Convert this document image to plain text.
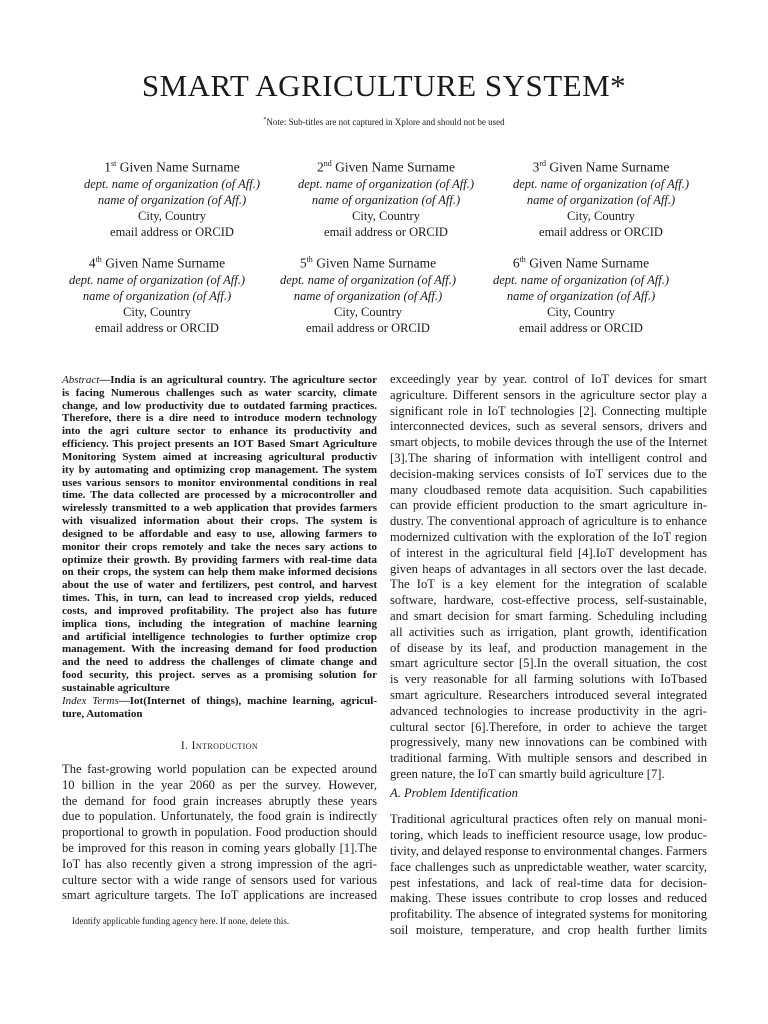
SMART AGRICULTURE SYSTEM*
*Note: Sub-titles are not captured in Xplore and should not be used
1st Given Name Surname
dept. name of organization (of Aff.)
name of organization (of Aff.)
City, Country
email address or ORCID
2nd Given Name Surname
dept. name of organization (of Aff.)
name of organization (of Aff.)
City, Country
email address or ORCID
3rd Given Name Surname
dept. name of organization (of Aff.)
name of organization (of Aff.)
City, Country
email address or ORCID
4th Given Name Surname
dept. name of organization (of Aff.)
name of organization (of Aff.)
City, Country
email address or ORCID
5th Given Name Surname
dept. name of organization (of Aff.)
name of organization (of Aff.)
City, Country
email address or ORCID
6th Given Name Surname
dept. name of organization (of Aff.)
name of organization (of Aff.)
City, Country
email address or ORCID
Abstract—India is an agricultural country. The agriculture sector
is facing Numerous challenges such as water scarcity, climate
change, and low productivity due to outdated farming practices.
Therefore, there is a dire need to introduce modern technology
into the agri culture sector to enhance its productivity and
efficiency. This project presents an IOT Based Smart Agriculture
Monitoring System aimed at increasing agricultural productiv
ity by automating and optimizing crop management. The system
uses various sensors to monitor environmental conditions in real
time. The data collected are processed by a microcontroller and
wirelessly transmitted to a web application that provides farmers
with visualized information about their crops. The system is
designed to be affordable and easy to use, allowing farmers to
monitor their crops remotely and take the neces sary actions to
optimize their growth. By providing farmers with real-time data
on their crops, the system can help them make informed decisions
about the use of water and fertilizers, pest control, and harvest
times. This, in turn, can lead to increased crop yields, reduced
costs, and improved profitability. The project also has future
implica tions, including the integration of machine learning
and artificial intelligence technologies to further optimize crop
management. With the increasing demand for food production
and the need to address the challenges of climate change and
food security, this project. serves as a promising solution for
sustainable agriculture
Index Terms—Iot(Internet of things), machine learning, agricul-
ture, Automation
I. Introduction
The fast-growing world population can be expected around
10 billion in the year 2060 as per the survey. However,
the demand for food grain increases abruptly these years
due to population. Unfortunately, the food grain is indirectly
proportional to growth in population. Food production should
be improved for this reason in coming years globally [1].The
IoT has also recently given a strong impression of the agri-
culture sector with a wide range of sensors used for various
smart agriculture targets. The IoT applications are increased
Identify applicable funding agency here. If none, delete this.
exceedingly year by year. control of IoT devices for smart
agriculture. Different sensors in the agriculture sector play a
significant role in IoT technologies [2]. Connecting multiple
interconnected devices, such as several sensors, drivers and
smart objects, to mobile devices through the use of the Internet
[3].The sharing of information with intelligent control and
decision-making services consists of IoT services due to the
many cloudbased remote data acquisition. Such capabilities
can provide efficient production to the smart agriculture in-
dustry. The conventional approach of agriculture is to enhance
modernized cultivation with the exploration of the IoT region
of interest in the agricultural field [4].IoT development has
given heaps of advantages in all sectors over the last decade.
The IoT is a key element for the integration of scalable
software, hardware, cost-effective process, self-sustainable,
and smart decision for smart farming. Scheduling including
all activities such as irrigation, plant growth, identification
of disease by its leaf, and production management in the
smart agriculture sector [5].In the overall situation, the cost
is very reasonable for all farming solutions with IoTbased
smart agriculture. Researchers introduced several integrated
advanced technologies to increase productivity in the agri-
cultural sector [6].Therefore, in order to achieve the target
progressively, many new innovations can be combined with
traditional farming. With multiple sensors and described in
green nature, the IoT can smartly build agriculture [7].
A. Problem Identification
Traditional agricultural practices often rely on manual moni-
toring, which leads to inefficient resource usage, low produc-
tivity, and delayed response to environmental changes. Farmers
face challenges such as unpredictable weather, water scarcity,
pest infestations, and lack of real-time data for decision-
making. These issues contribute to crop losses and reduced
profitability. The absence of integrated systems for monitoring
soil moisture, temperature, and crop health further limits
